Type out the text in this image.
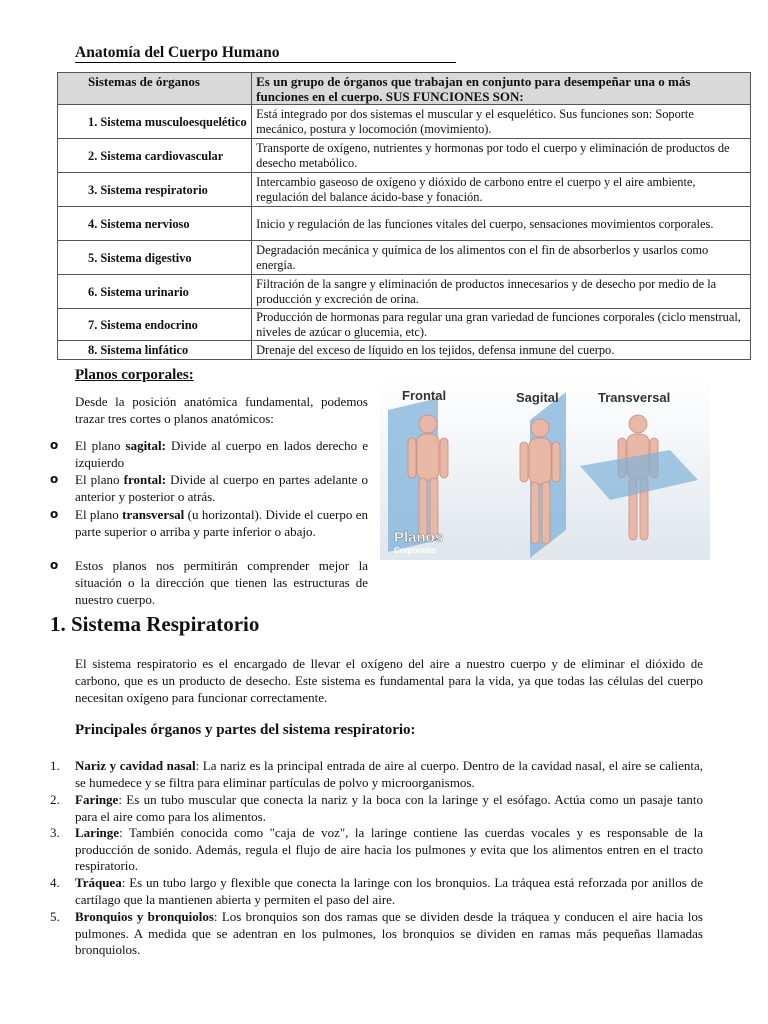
Anatomía del Cuerpo Humano
Sistemas de órganos	Es un grupo de órganos que trabajan en conjunto para desempeñar una o más funciones en el cuerpo. SUS FUNCIONES SON:
1. Sistema musculoesquelético	Está integrado por dos sistemas el muscular y el esquelético. Sus funciones son: Soporte mecánico, postura y locomoción (movimiento).
2. Sistema cardiovascular	Transporte de oxígeno, nutrientes y hormonas por todo el cuerpo y eliminación de productos de desecho metabólico.
3. Sistema respiratorio	Intercambio gaseoso de oxígeno y dióxido de carbono entre el cuerpo y el aire ambiente, regulación del balance ácido-base y fonación.
4. Sistema nervioso	Inicio y regulación de las funciones vitales del cuerpo, sensaciones movimientos corporales.
5. Sistema digestivo	Degradación mecánica y química de los alimentos con el fin de absorberlos y usarlos como energía.
6. Sistema urinario	Filtración de la sangre y eliminación de productos innecesarios y de desecho por medio de la producción y excreción de orina.
7. Sistema endocrino	Producción de hormonas para regular una gran variedad de funciones corporales (ciclo menstrual, niveles de azúcar o glucemia, etc).
8. Sistema linfático	Drenaje del exceso de líquido en los tejidos, defensa inmune del cuerpo.
Planos corporales:
Desde la posición anatómica fundamental, podemos trazar tres cortes o planos anatómicos:
o El plano sagital: Divide al cuerpo en lados derecho e izquierdo
o El plano frontal: Divide al cuerpo en partes adelante o anterior y posterior o atrás.
o El plano transversal (u horizontal). Divide el cuerpo en parte superior o arriba y parte inferior o abajo.
o Estos planos nos permitirán comprender mejor la situación o la dirección que tienen las estructuras de nuestro cuerpo.
Frontal	Sagital	Transversal
Planos
Corporales
1. Sistema Respiratorio
El sistema respiratorio es el encargado de llevar el oxígeno del aire a nuestro cuerpo y de eliminar el dióxido de carbono, que es un producto de desecho. Este sistema es fundamental para la vida, ya que todas las células del cuerpo necesitan oxígeno para funcionar correctamente.
Principales órganos y partes del sistema respiratorio:
1. Nariz y cavidad nasal: La nariz es la principal entrada de aire al cuerpo. Dentro de la cavidad nasal, el aire se calienta, se humedece y se filtra para eliminar partículas de polvo y microorganismos.
2. Faringe: Es un tubo muscular que conecta la nariz y la boca con la laringe y el esófago. Actúa como un pasaje tanto para el aire como para los alimentos.
3. Laringe: También conocida como "caja de voz", la laringe contiene las cuerdas vocales y es responsable de la producción de sonido. Además, regula el flujo de aire hacia los pulmones y evita que los alimentos entren en el tracto respiratorio.
4. Tráquea: Es un tubo largo y flexible que conecta la laringe con los bronquios. La tráquea está reforzada por anillos de cartílago que la mantienen abierta y permiten el paso del aire.
5. Bronquios y bronquiolos: Los bronquios son dos ramas que se dividen desde la tráquea y conducen el aire hacia los pulmones. A medida que se adentran en los pulmones, los bronquios se dividen en ramas más pequeñas llamadas bronquiolos.
